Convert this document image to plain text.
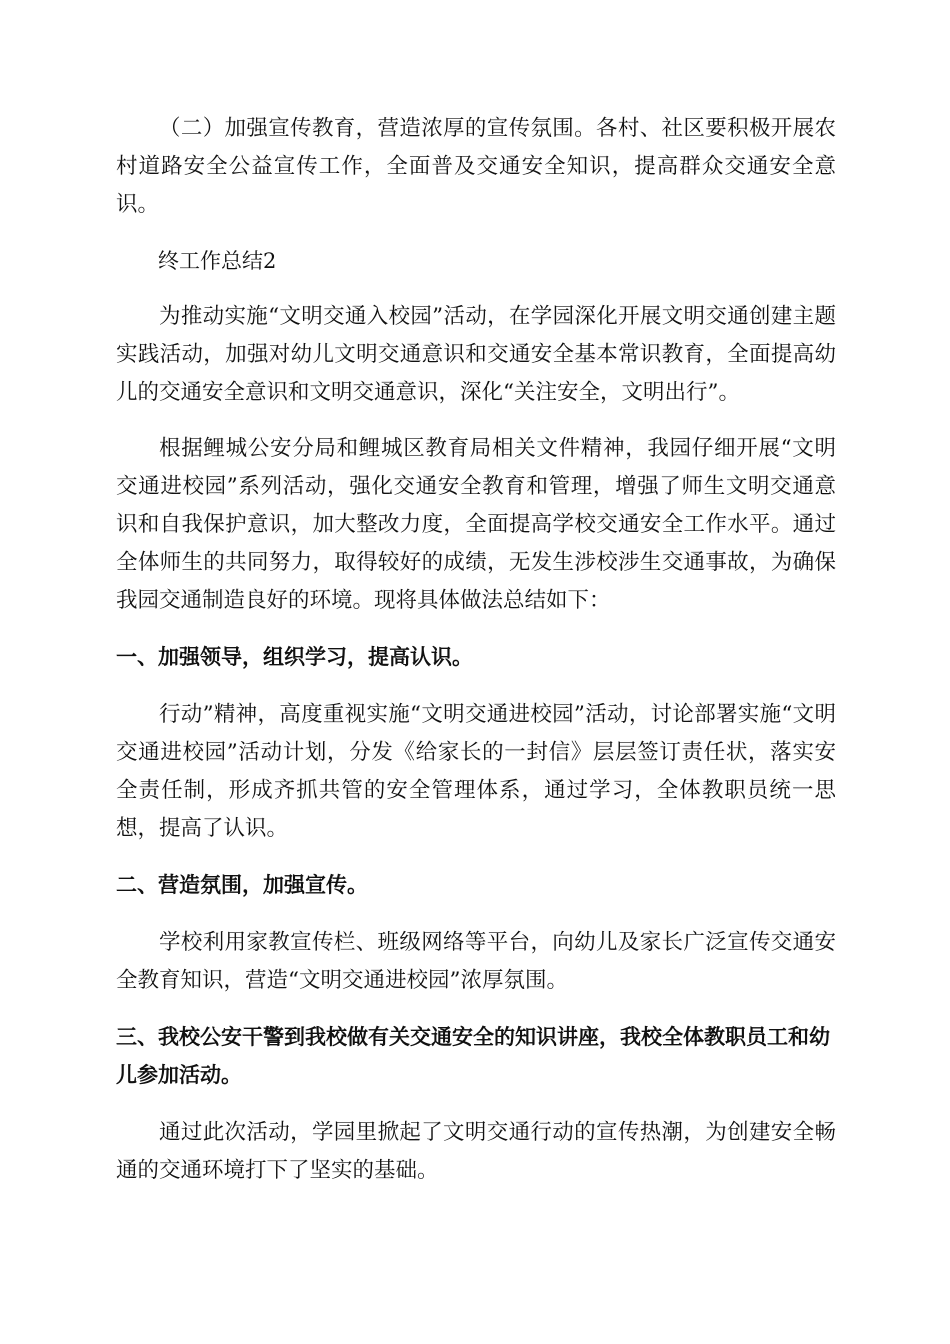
（二）加强宣传教育，营造浓厚的宣传氛围。各村、社区要积极开展农村道路安全公益宣传工作，全面普及交通安全知识，提高群众交通安全意识。

终工作总结2

为推动实施“文明交通入校园”活动，在学园深化开展文明交通创建主题实践活动，加强对幼儿文明交通意识和交通安全基本常识教育，全面提高幼儿的交通安全意识和文明交通意识，深化“关注安全，文明出行”。

根据鲤城公安分局和鲤城区教育局相关文件精神，我园仔细开展“文明交通进校园”系列活动，强化交通安全教育和管理，增强了师生文明交通意识和自我保护意识，加大整改力度，全面提高学校交通安全工作水平。通过全体师生的共同努力，取得较好的成绩，无发生涉校涉生交通事故，为确保我园交通制造良好的环境。现将具体做法总结如下：

一、加强领导，组织学习，提高认识。

行动”精神，高度重视实施“文明交通进校园”活动，讨论部署实施“文明交通进校园”活动计划，分发《给家长的一封信》层层签订责任状，落实安全责任制，形成齐抓共管的安全管理体系，通过学习，全体教职员统一思想，提高了认识。

二、营造氛围，加强宣传。

学校利用家教宣传栏、班级网络等平台，向幼儿及家长广泛宣传交通安全教育知识，营造“文明交通进校园”浓厚氛围。

三、我校公安干警到我校做有关交通安全的知识讲座，我校全体教职员工和幼儿参加活动。

通过此次活动，学园里掀起了文明交通行动的宣传热潮，为创建安全畅通的交通环境打下了坚实的基础。
